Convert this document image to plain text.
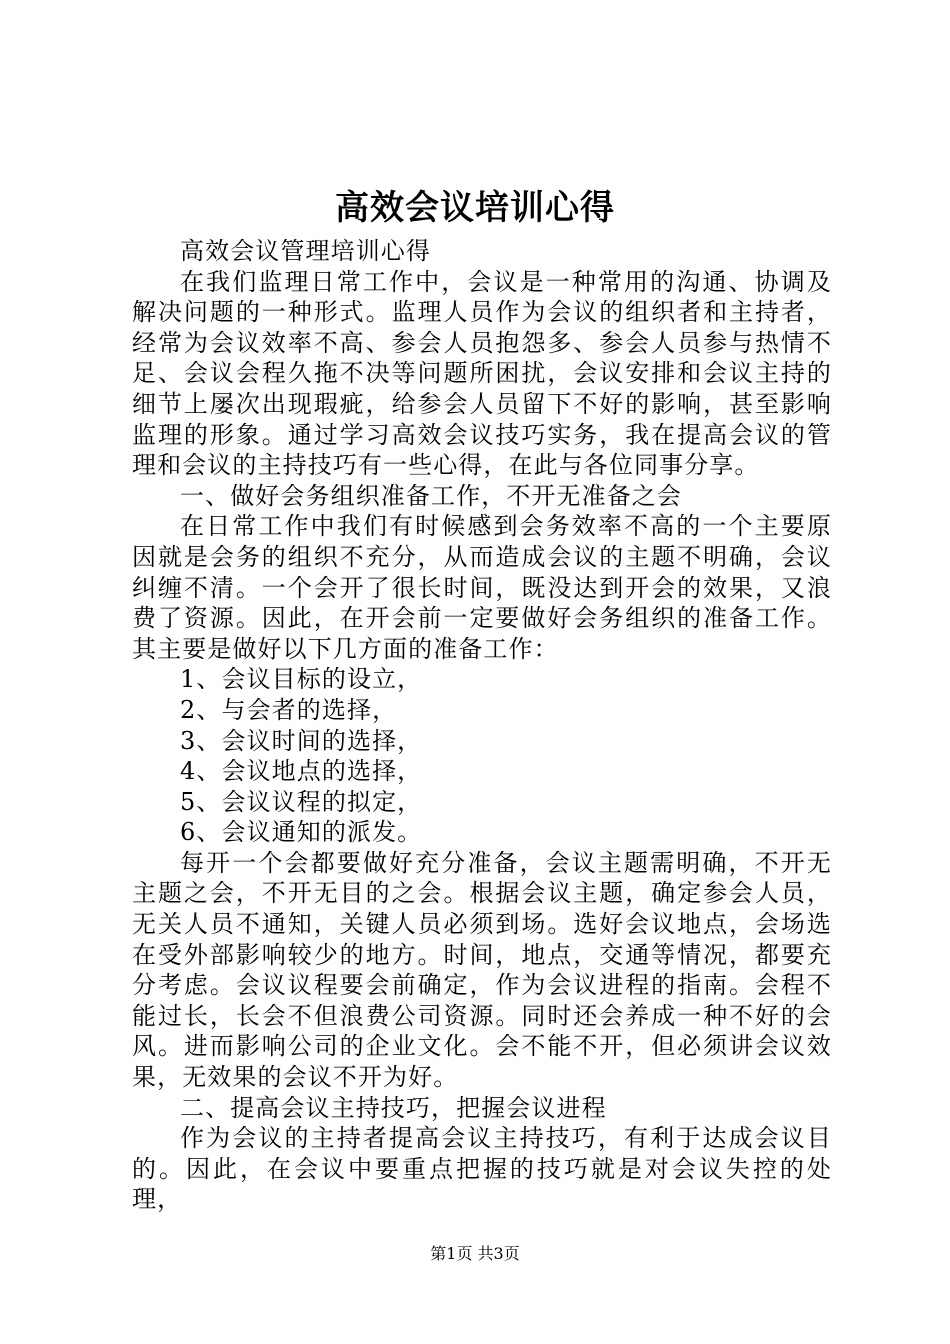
高效会议培训心得

高效会议管理培训心得

在我们监理日常工作中，会议是一种常用的沟通、协调及解决问题的一种形式。监理人员作为会议的组织者和主持者，经常为会议效率不高、参会人员抱怨多、参会人员参与热情不足、会议会程久拖不决等问题所困扰，会议安排和会议主持的细节上屡次出现瑕疵，给参会人员留下不好的影响，甚至影响监理的形象。通过学习高效会议技巧实务，我在提高会议的管理和会议的主持技巧有一些心得，在此与各位同事分享。

一、做好会务组织准备工作，不开无准备之会

在日常工作中我们有时候感到会务效率不高的一个主要原因就是会务的组织不充分，从而造成会议的主题不明确，会议纠缠不清。一个会开了很长时间，既没达到开会的效果，又浪费了资源。因此，在开会前一定要做好会务组织的准备工作。其主要是做好以下几方面的准备工作：

1、会议目标的设立，

2、与会者的选择，

3、会议时间的选择，

4、会议地点的选择，

5、会议议程的拟定，

6、会议通知的派发。

每开一个会都要做好充分准备，会议主题需明确，不开无主题之会，不开无目的之会。根据会议主题，确定参会人员，无关人员不通知，关键人员必须到场。选好会议地点，会场选在受外部影响较少的地方。时间，地点，交通等情况，都要充分考虑。会议议程要会前确定，作为会议进程的指南。会程不能过长，长会不但浪费公司资源。同时还会养成一种不好的会风。进而影响公司的企业文化。会不能不开，但必须讲会议效果，无效果的会议不开为好。

二、提高会议主持技巧，把握会议进程

作为会议的主持者提高会议主持技巧，有利于达成会议目的。因此，在会议中要重点把握的技巧就是对会议失控的处理，

第1页 共3页
